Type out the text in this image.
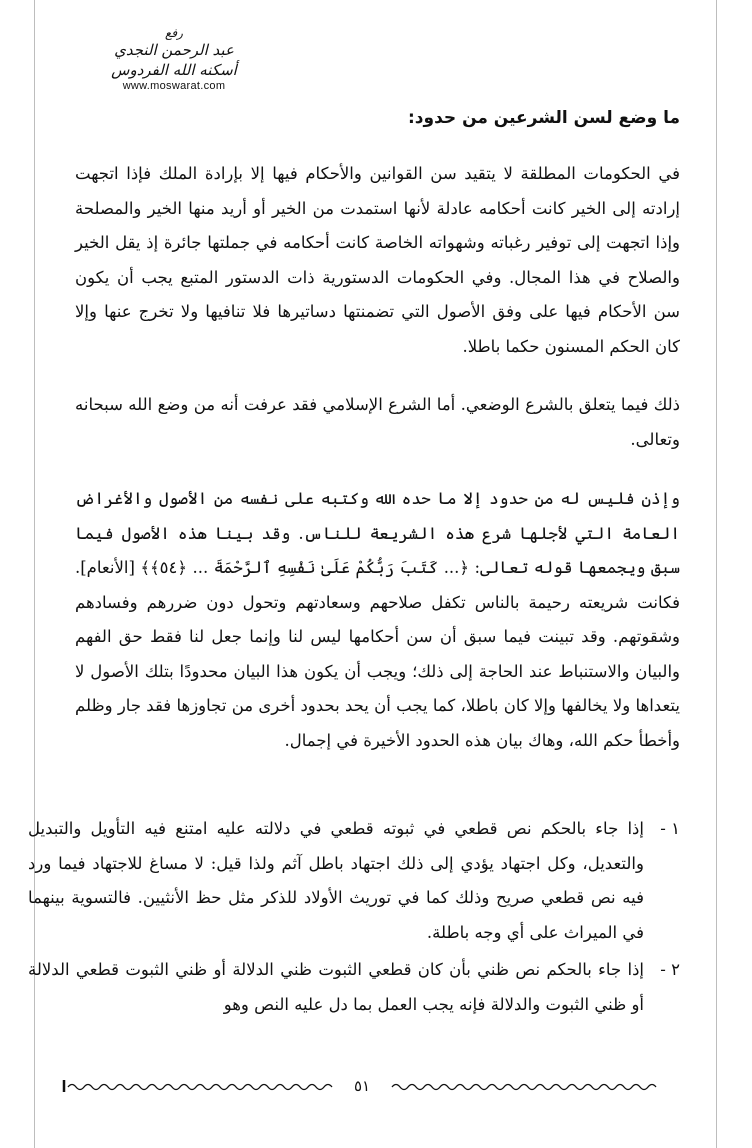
رفع
عبد الرحمن النجدي
أسكنه الله الفردوس
www.moswarat.com
ما وضع لسن الشرعين من حدود:
في الحكومات المطلقة لا يتقيد سن القوانين والأحكام فيها إلا بإرادة الملك فإذا اتجهت إرادته إلى الخير كانت أحكامه عادلة لأنها استمدت من الخير أو أريد منها الخير والمصلحة وإذا اتجهت إلى توفير رغباته وشهواته الخاصة كانت أحكامه في جملتها جائرة إذ يقل الخير والصلاح في هذا المجال. وفي الحكومات الدستورية ذات الدستور المتبع يجب أن يكون سن الأحكام فيها على وفق الأصول التي تضمنتها دساتيرها فلا تنافيها ولا تخرج عنها وإلا كان الحكم المسنون حكما باطلا.
ذلك فيما يتعلق بالشرع الوضعي. أما الشرع الإسلامي فقد عرفت أنه من وضع الله سبحانه وتعالى.
وإذن فليس له من حدود إلا ما حده الله وكتبه على نفسه من الأصول والأغراض العامة التي لأجلها شرع هذه الشريعة للناس. وقد بينا هذه الأصول فيما سبق ويجمعها قوله تعالى: ﴿... كَتَبَ رَبُّكُمْ عَلَىٰ نَفْسِهِ ٱلرَّحْمَةَ ... ﴿٥٤﴾﴾ [الأنعام]. فكانت شريعته رحيمة بالناس تكفل صلاحهم وسعادتهم وتحول دون ضررهم وفسادهم وشقوتهم. وقد تبينت فيما سبق أن سن أحكامها ليس لنا وإنما جعل لنا فقط حق الفهم والبيان والاستنباط عند الحاجة إلى ذلك؛ ويجب أن يكون هذا البيان محدودًا بتلك الأصول لا يتعداها ولا يخالفها وإلا كان باطلا، كما يجب أن يحد بحدود أخرى من تجاوزها فقد جار وظلم وأخطأ حكم الله، وهاك بيان هذه الحدود الأخيرة في إجمال.
١ -
إذا جاء بالحكم نص قطعي في ثبوته قطعي في دلالته عليه امتنع فيه التأويل والتبديل والتعديل، وكل اجتهاد يؤدي إلى ذلك اجتهاد باطل آثم ولذا قيل: لا مساغ للاجتهاد فيما ورد فيه نص قطعي صريح وذلك كما في توريث الأولاد للذكر مثل حظ الأنثيين. فالتسوية بينهما في الميراث على أي وجه باطلة.
٢ -
إذا جاء بالحكم نص ظني بأن كان قطعي الثبوت ظني الدلالة أو ظني الثبوت قطعي الدلالة أو ظني الثبوت والدلالة فإنه يجب العمل بما دل عليه النص وهو
٥١
